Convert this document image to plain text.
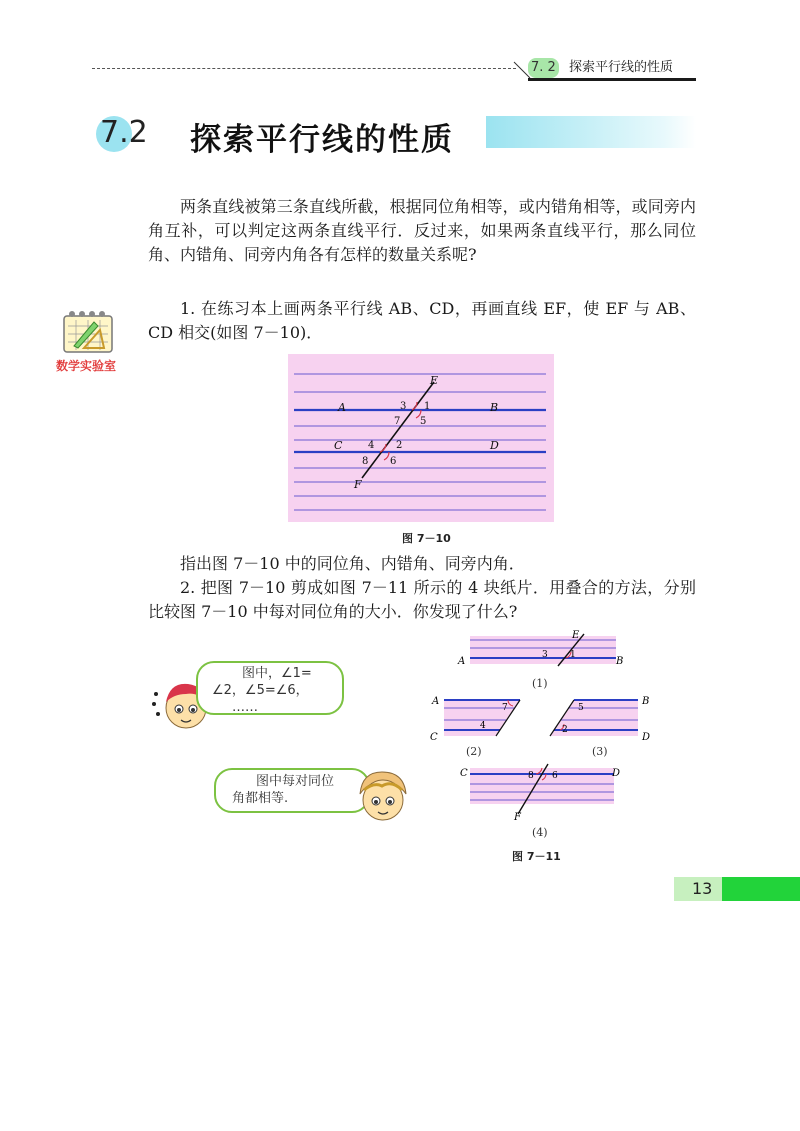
7. 2 探索平行线的性质
7.2 探索平行线的性质

两条直线被第三条直线所截，根据同位角相等，或内错角相等，或同旁内角互补，可以判定这两条直线平行．反过来，如果两条直线平行，那么同位角、内错角、同旁内角各有怎样的数量关系呢?

数学实验室

1. 在练习本上画两条平行线 AB、CD，再画直线 EF，使 EF 与 AB、CD 相交(如图 7－10)．

E
A	B
C	D
F
3 1
7 5
4 2
8 6
图 7－10

指出图 7－10 中的同位角、内错角、同旁内角．

2. 把图 7－10 剪成如图 7－11 所示的 4 块纸片．用叠合的方法，分别比较图 7－10 中每对同位角的大小．你发现了什么?

图中，∠1=
∠2，∠5=∠6，
……
图中每对同位
角都相等.
E
A	B
3 1
(1)
A
C
7
4
(2)
B
D
5
2
(3)
C	D
F
8 6
(4)
图 7－11
13
